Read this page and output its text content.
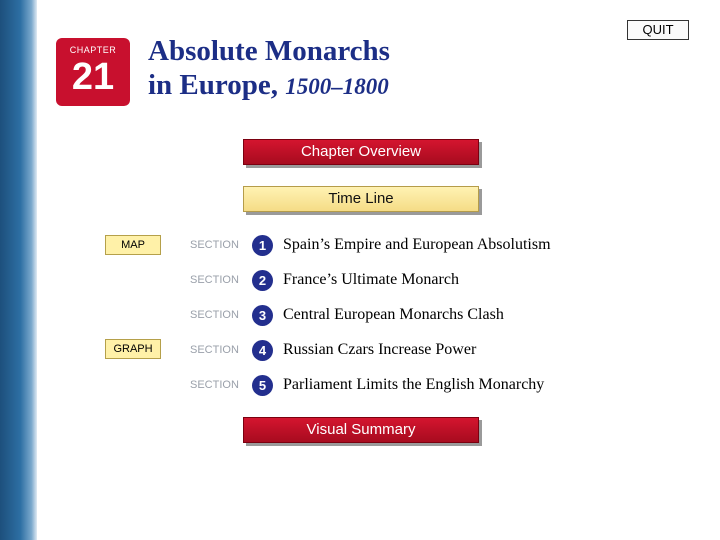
QUIT
CHAPTER
21
Absolute Monarchs
in Europe, 1500–1800
Chapter Overview
Time Line
MAP
GRAPH
SECTION	1	Spain’s Empire and European Absolutism
SECTION	2	France’s Ultimate Monarch
SECTION	3	Central European Monarchs Clash
SECTION	4	Russian Czars Increase Power
SECTION	5	Parliament Limits the English Monarchy
Visual Summary
